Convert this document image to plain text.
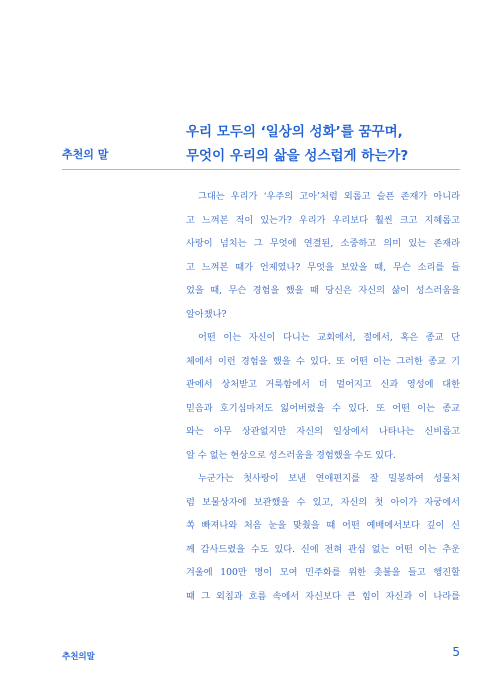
추천의 말
우리 모두의 ‘일상의 성화’를 꿈꾸며,
무엇이 우리의 삶을 성스럽게 하는가?
그대는 우리가 ‘우주의 고아’처럼 외롭고 슬픈 존재가 아니라
고 느껴본 적이 있는가? 우리가 우리보다 훨씬 크고 지혜롭고
사랑이 넘치는 그 무엇에 연결된, 소중하고 의미 있는 존재라
고 느껴본 때가 언제였나? 무엇을 보았을 때, 무슨 소리를 들
었을 때, 무슨 경험을 했을 때 당신은 자신의 삶이 성스러움을
알아챘나?
어떤 이는 자신이 다니는 교회에서, 절에서, 혹은 종교 단
체에서 이런 경험을 했을 수 있다. 또 어떤 이는 그러한 종교 기
관에서 상처받고 거룩함에서 더 멀어지고 신과 영성에 대한
믿음과 호기심마저도 잃어버렸을 수 있다. 또 어떤 이는 종교
와는 아무 상관없지만 자신의 일상에서 나타나는 신비롭고
알 수 없는 현상으로 성스러움을 경험했을 수도 있다.
누군가는 첫사랑이 보낸 연애편지를 잘 밀봉하여 성물처
럼 보물상자에 보관했을 수 있고, 자신의 첫 아이가 자궁에서
쏙 빠져나와 처음 눈을 맞췄을 때 어떤 예배에서보다 깊이 신
께 감사드렸을 수도 있다. 신에 전혀 관심 없는 어떤 이는 추운
겨울에 100만 명이 모여 민주화를 위한 촛불을 들고 행진할
때 그 외침과 흐름 속에서 자신보다 큰 힘이 자신과 이 나라를
추천의말	5
